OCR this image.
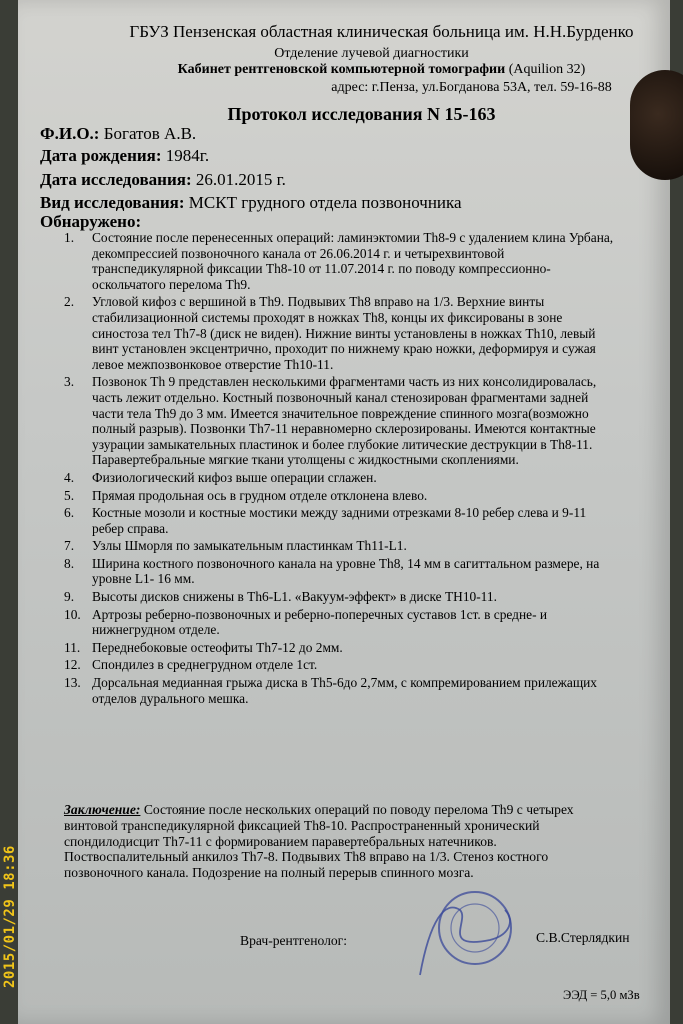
ГБУЗ Пензенская областная клиническая больница им. Н.Н.Бурденко
Отделение лучевой диагностики
Кабинет рентгеновской компьютерной томографии (Aquilion 32)
адрес: г.Пенза, ул.Богданова 53А, тел. 59-16-88
Протокол исследования N 15-163
Ф.И.О.: Богатов А.В.
Дата рождения: 1984г.
Дата исследования: 26.01.2015 г.
Вид исследования: МСКТ грудного отдела позвоночника
Обнаружено:
1. Состояние после перенесенных операций: ламинэктомии Th8-9 с удалением клина Урбана, декомпрессией позвоночного канала от 26.06.2014 г. и четырехвинтовой транспедикулярной фиксации Th8-10 от 11.07.2014 г. по поводу компрессионно-оскольчатого перелома Th9.
2. Угловой кифоз с вершиной в Th9. Подвывих Th8 вправо на 1/3. Верхние винты стабилизационной системы проходят в ножках Th8, концы их фиксированы в зоне синостоза тел Th7-8 (диск не виден). Нижние винты установлены в ножках Th10, левый винт установлен эксцентрично, проходит по нижнему краю ножки, деформируя и сужая левое межпозвонковое отверстие Th10-11.
3. Позвонок Th 9 представлен несколькими фрагментами часть из них консолидировалась, часть лежит отдельно. Костный позвоночный канал стенозирован фрагментами задней части тела Th9 до 3 мм. Имеется значительное повреждение спинного мозга(возможно полный разрыв). Позвонки Th7-11 неравномерно склерозированы. Имеются контактные узурации замыкательных пластинок и более глубокие литические деструкции в Th8-11. Паравертебральные мягкие ткани утолщены с жидкостными скоплениями.
4. Физиологический кифоз выше операции сглажен.
5. Прямая продольная ось в грудном отделе отклонена влево.
6. Костные мозоли и костные мостики между задними отрезками 8-10 ребер слева и 9-11 ребер справа.
7. Узлы Шморля по замыкательным пластинкам Th11-L1.
8. Ширина костного позвоночного канала на уровне Th8, 14 мм в сагиттальном размере, на уровне L1- 16 мм.
9. Высоты дисков снижены в Th6-L1. «Вакуум-эффект» в диске TH10-11.
10. Артрозы реберно-позвоночных и реберно-поперечных суставов 1ст. в средне- и нижнегрудном отделе.
11. Переднебоковые остеофиты Th7-12 до 2мм.
12. Спондилез в среднегрудном отделе 1ст.
13. Дорсальная медианная грыжа диска в Th5-6до 2,7мм, с компремированием прилежащих отделов дурального мешка.
Заключение: Состояние после нескольких операций по поводу перелома Th9 с четырех винтовой транспедикулярной фиксацией Th8-10. Распространенный хронический спондилодисцит Th7-11 с формированием паравертебральных натечников. Поствоспалительный анкилоз Th7-8. Подвывих Th8 вправо на 1/3. Стеноз костного позвоночного канала. Подозрение на полный перерыв спинного мозга.
Врач-рентгенолог:	С.В.Стерлядкин
ЭЭД = 5,0 мЗв
2015/01/29 18:36
